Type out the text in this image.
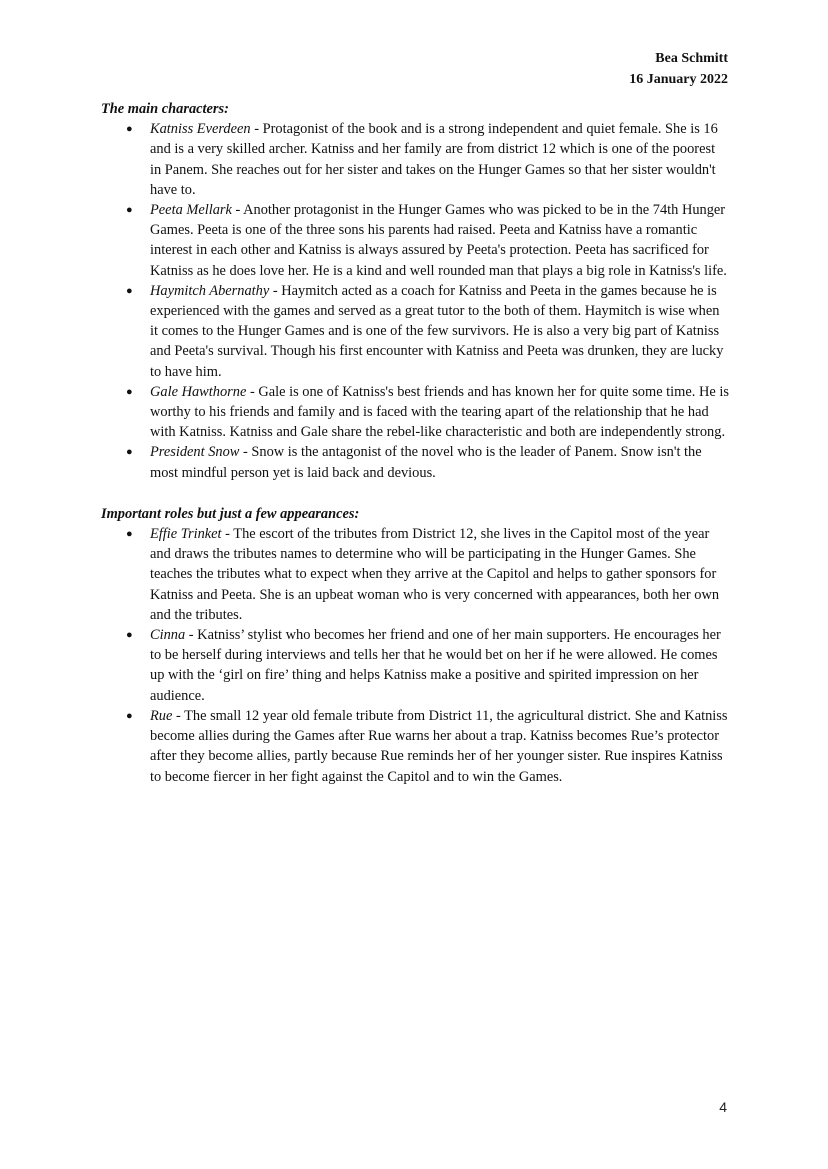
Bea Schmitt
16 January 2022

The main characters:

● Katniss Everdeen - Protagonist of the book and is a strong independent and quiet female. She is 16 and is a very skilled archer. Katniss and her family are from district 12 which is one of the poorest in Panem. She reaches out for her sister and takes on the Hunger Games so that her sister wouldn't have to.
● Peeta Mellark - Another protagonist in the Hunger Games who was picked to be in the 74th Hunger Games. Peeta is one of the three sons his parents had raised. Peeta and Katniss have a romantic interest in each other and Katniss is always assured by Peeta's protection. Peeta has sacrificed for Katniss as he does love her. He is a kind and well rounded man that plays a big role in Katniss's life.
● Haymitch Abernathy - Haymitch acted as a coach for Katniss and Peeta in the games because he is experienced with the games and served as a great tutor to the both of them. Haymitch is wise when it comes to the Hunger Games and is one of the few survivors. He is also a very big part of Katniss and Peeta's survival. Though his first encounter with Katniss and Peeta was drunken, they are lucky to have him.
● Gale Hawthorne - Gale is one of Katniss's best friends and has known her for quite some time. He is worthy to his friends and family and is faced with the tearing apart of the relationship that he had with Katniss. Katniss and Gale share the rebel-like characteristic and both are independently strong.
● President Snow - Snow is the antagonist of the novel who is the leader of Panem. Snow isn't the most mindful person yet is laid back and devious.

Important roles but just a few appearances:

● Effie Trinket - The escort of the tributes from District 12, she lives in the Capitol most of the year and draws the tributes names to determine who will be participating in the Hunger Games. She teaches the tributes what to expect when they arrive at the Capitol and helps to gather sponsors for Katniss and Peeta. She is an upbeat woman who is very concerned with appearances, both her own and the tributes.
● Cinna - Katniss’ stylist who becomes her friend and one of her main supporters. He encourages her to be herself during interviews and tells her that he would bet on her if he were allowed. He comes up with the ‘girl on fire’ thing and helps Katniss make a positive and spirited impression on her audience.
● Rue - The small 12 year old female tribute from District 11, the agricultural district. She and Katniss become allies during the Games after Rue warns her about a trap. Katniss becomes Rue’s protector after they become allies, partly because Rue reminds her of her younger sister. Rue inspires Katniss to become fiercer in her fight against the Capitol and to win the Games.
4
